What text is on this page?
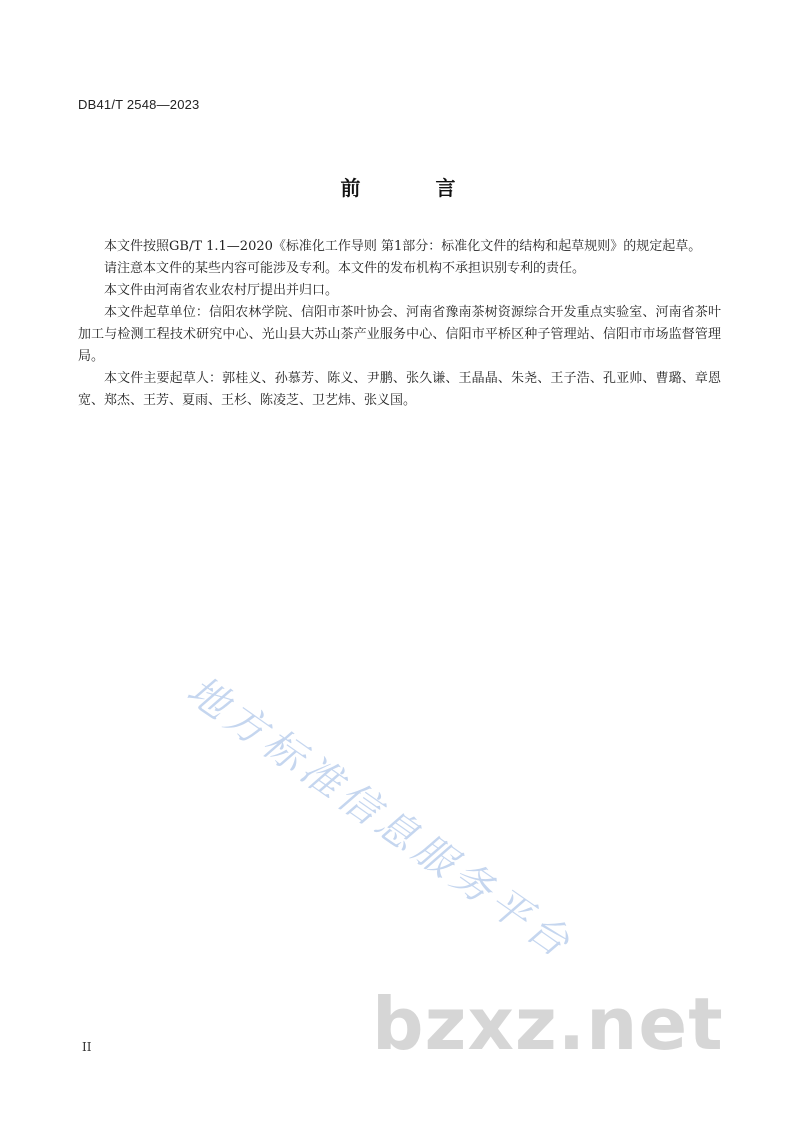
DB41/T 2548—2023
前 言

本文件按照GB/T 1.1—2020《标准化工作导则 第1部分：标准化文件的结构和起草规则》的规定起草。

请注意本文件的某些内容可能涉及专利。本文件的发布机构不承担识别专利的责任。

本文件由河南省农业农村厅提出并归口。

本文件起草单位：信阳农林学院、信阳市茶叶协会、河南省豫南茶树资源综合开发重点实验室、河南省茶叶加工与检测工程技术研究中心、光山县大苏山茶产业服务中心、信阳市平桥区种子管理站、信阳市市场监督管理局。

本文件主要起草人：郭桂义、孙慕芳、陈义、尹鹏、张久谦、王晶晶、朱尧、王子浩、孔亚帅、曹璐、章恩宽、郑杰、王芳、夏雨、王杉、陈凌芝、卫艺炜、张义国。

地方标准信息服务平台
bzxz.net
II
